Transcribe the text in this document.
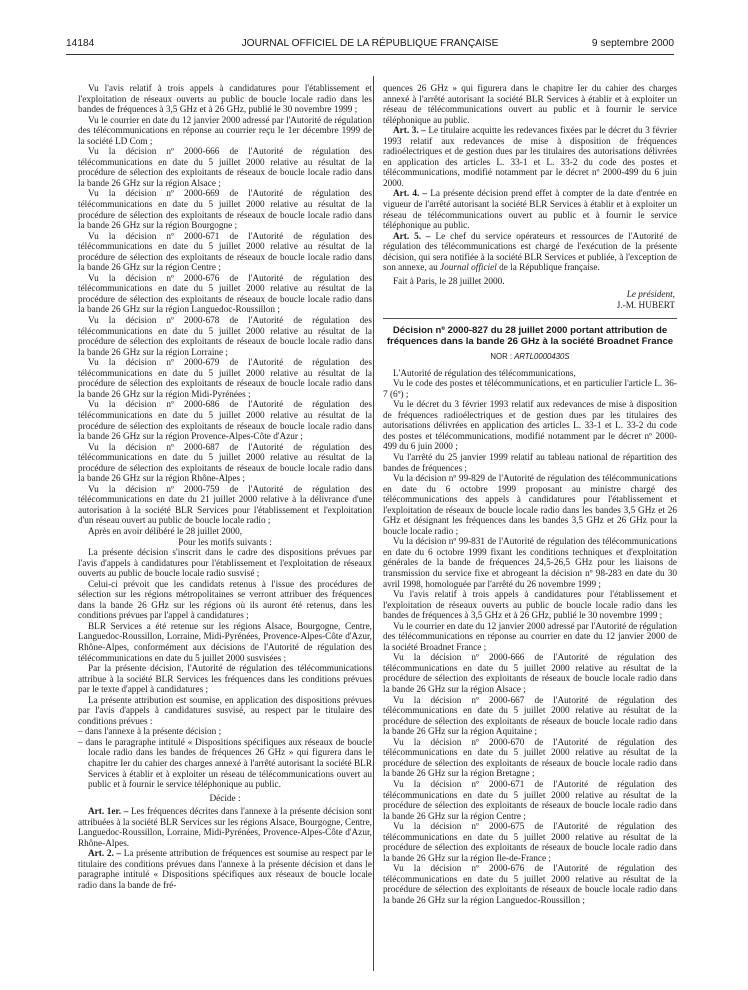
14184	JOURNAL OFFICIEL DE LA RÉPUBLIQUE FRANÇAISE	9 septembre 2000

Vu l'avis relatif à trois appels à candidatures pour l'établissement et l'exploitation de réseaux ouverts au public de boucle locale radio dans les bandes de fréquences à 3,5 GHz et à 26 GHz, publié le 30 novembre 1999 ;

Vu le courrier en date du 12 janvier 2000 adressé par l'Autorité de régulation des télécommunications en réponse au courrier reçu le 1er décembre 1999 de la société LD Com ;

Vu la décision nº 2000-666 de l'Autorité de régulation des télécommunications en date du 5 juillet 2000 relative au résultat de la procédure de sélection des exploitants de réseaux de boucle locale radio dans la bande 26 GHz sur la région Alsace ;

Vu la décision nº 2000-669 de l'Autorité de régulation des télécommunications en date du 5 juillet 2000 relative au résultat de la procédure de sélection des exploitants de réseaux de boucle locale radio dans la bande 26 GHz sur la région Bourgogne ;

Vu la décision nº 2000-671 de l'Autorité de régulation des télécommunications en date du 5 juillet 2000 relative au résultat de la procédure de sélection des exploitants de réseaux de boucle locale radio dans la bande 26 GHz sur la région Centre ;

Vu la décision nº 2000-676 de l'Autorité de régulation des télécommunications en date du 5 juillet 2000 relative au résultat de la procédure de sélection des exploitants de réseaux de boucle locale radio dans la bande 26 GHz sur la région Languedoc-Roussillon ;

Vu la décision nº 2000-678 de l'Autorité de régulation des télécommunications en date du 5 juillet 2000 relative au résultat de la procédure de sélection des exploitants de réseaux de boucle locale radio dans la bande 26 GHz sur la région Lorraine ;

Vu la décision nº 2000-679 de l'Autorité de régulation des télécommunications en date du 5 juillet 2000 relative au résultat de la procédure de sélection des exploitants de réseaux de boucle locale radio dans la bande 26 GHz sur la région Midi-Pyrénées ;

Vu la décision nº 2000-686 de l'Autorité de régulation des télécommunications en date du 5 juillet 2000 relative au résultat de la procédure de sélection des exploitants de réseaux de boucle locale radio dans la bande 26 GHz sur la région Provence-Alpes-Côte d'Azur ;

Vu la décision nº 2000-687 de l'Autorité de régulation des télécommunications en date du 5 juillet 2000 relative au résultat de la procédure de sélection des exploitants de réseaux de boucle locale radio dans la bande 26 GHz sur la région Rhône-Alpes ;

Vu la décision nº 2000-759 de l'Autorité de régulation des télécommunications en date du 21 juillet 2000 relative à la délivrance d'une autorisation à la société BLR Services pour l'établissement et l'exploitation d'un réseau ouvert au public de boucle locale radio ;

Après en avoir délibéré le 28 juillet 2000,

Pour les motifs suivants :

La présente décision s'inscrit dans le cadre des dispositions prévues par l'avis d'appels à candidatures pour l'établissement et l'exploitation de réseaux ouverts au public de boucle locale radio susvisé ;

Celui-ci prévoit que les candidats retenus à l'issue des procédures de sélection sur les régions métropolitaines se verront attribuer des fréquences dans la bande 26 GHz sur les régions où ils auront été retenus, dans les conditions prévues par l'appel à candidatures ;

BLR Services a été retenue sur les régions Alsace, Bourgogne, Centre, Languedoc-Roussillon, Lorraine, Midi-Pyrénées, Provence-Alpes-Côte d'Azur, Rhône-Alpes, conformément aux décisions de l'Autorité de régulation des télécommunications en date du 5 juillet 2000 susvisées ;

Par la présente décision, l'Autorité de régulation des télécommunications attribue à la société BLR Services les fréquences dans les conditions prévues par le texte d'appel à candidatures ;

La présente attribution est soumise, en application des dispositions prévues par l'avis d'appels à candidatures susvisé, au respect par le titulaire des conditions prévues :

– dans l'annexe à la présente décision ;

– dans le paragraphe intitulé « Dispositions spécifiques aux réseaux de boucle locale radio dans les bandes de fréquences 26 GHz » qui figurera dans le chapitre Ier du cahier des charges annexé à l'arrêté autorisant la société BLR Services à établir et à exploiter un réseau de télécommunications ouvert au public et à fournir le service téléphonique au public.

Décide :

Art. 1er. – Les fréquences décrites dans l'annexe à la présente décision sont attribuées à la société BLR Services sur les régions Alsace, Bourgogne, Centre, Languedoc-Roussillon, Lorraine, Midi-Pyrénées, Provence-Alpes-Côte d'Azur, Rhône-Alpes.

Art. 2. – La présente attribution de fréquences est soumise au respect par le titulaire des conditions prévues dans l'annexe à la présente décision et dans le paragraphe intitulé « Dispositions spécifiques aux réseaux de boucle locale radio dans la bande de fré-

quences 26 GHz » qui figurera dans le chapitre Ier du cahier des charges annexé à l'arrêté autorisant la société BLR Services à établir et à exploiter un réseau de télécommunications ouvert au public et à fournir le service téléphonique au public.

Art. 3. – Le titulaire acquitte les redevances fixées par le décret du 3 février 1993 relatif aux redevances de mise à disposition de fréquences radioélectriques et de gestion dues par les titulaires des autorisations délivrées en application des articles L. 33-1 et L. 33-2 du code des postes et télécommunications, modifié notamment par le décret nº 2000-499 du 6 juin 2000.

Art. 4. – La présente décision prend effet à compter de la date d'entrée en vigueur de l'arrêté autorisant la société BLR Services à établir et à exploiter un réseau de télécommunications ouvert au public et à fournir le service téléphonique au public.

Art. 5. – Le chef du service opérateurs et ressources de l'Autorité de régulation des télécommunications est chargé de l'exécution de la présente décision, qui sera notifiée à la société BLR Services et publiée, à l'exception de son annexe, au Journal officiel de la République française.

Fait à Paris, le 28 juillet 2000.

Le président,

J.-M. HUBERT

Décision nº 2000-827 du 28 juillet 2000 portant attribution de fréquences dans la bande 26 GHz à la société Broadnet France

NOR : ARTL0000430S

L'Autorité de régulation des télécommunications,

Vu le code des postes et télécommunications, et en particulier l'article L. 36-7 (6º) ;

Vu le décret du 3 février 1993 relatif aux redevances de mise à disposition de fréquences radioélectriques et de gestion dues par les titulaires des autorisations délivrées en application des articles L. 33-1 et L. 33-2 du code des postes et télécommunications, modifié notamment par le décret nº 2000-499 du 6 juin 2000 ;

Vu l'arrêté du 25 janvier 1999 relatif au tableau national de répartition des bandes de fréquences ;

Vu la décision nº 99-829 de l'Autorité de régulation des télécommunications en date du 6 octobre 1999 proposant au ministre chargé des télécommunications des appels à candidatures pour l'établissement et l'exploitation de réseaux de boucle locale radio dans les bandes 3,5 GHz et 26 GHz et désignant les fréquences dans les bandes 3,5 GHz et 26 GHz pour la boucle locale radio ;

Vu la décision nº 99-831 de l'Autorité de régulation des télécommunications en date du 6 octobre 1999 fixant les conditions techniques et d'exploitation générales de la bande de fréquences 24,5-26,5 GHz pour les liaisons de transmission du service fixe et abrogeant la décision nº 98-283 en date du 30 avril 1998, homologuée par l'arrêté du 26 novembre 1999 ;

Vu l'avis relatif à trois appels à candidatures pour l'établissement et l'exploitation de réseaux ouverts au public de boucle locale radio dans les bandes de fréquences à 3,5 GHz et à 26 GHz, publié le 30 novembre 1999 ;

Vu le courrier en date du 12 janvier 2000 adressé par l'Autorité de régulation des télécommunications en réponse au courrier en date du 12 janvier 2000 de la société Broadnet France ;

Vu la décision nº 2000-666 de l'Autorité de régulation des télécommunications en date du 5 juillet 2000 relative au résultat de la procédure de sélection des exploitants de réseaux de boucle locale radio dans la bande 26 GHz sur la région Alsace ;

Vu la décision nº 2000-667 de l'Autorité de régulation des télécommunications en date du 5 juillet 2000 relative au résultat de la procédure de sélection des exploitants de réseaux de boucle locale radio dans la bande 26 GHz sur la région Aquitaine ;

Vu la décision nº 2000-670 de l'Autorité de régulation des télécommunications en date du 5 juillet 2000 relative au résultat de la procédure de sélection des exploitants de réseaux de boucle locale radio dans la bande 26 GHz sur la région Bretagne ;

Vu la décision nº 2000-671 de l'Autorité de régulation des télécommunications en date du 5 juillet 2000 relative au résultat de la procédure de sélection des exploitants de réseaux de boucle locale radio dans la bande 26 GHz sur la région Centre ;

Vu la décision nº 2000-675 de l'Autorité de régulation des télécommunications en date du 5 juillet 2000 relative au résultat de la procédure de sélection des exploitants de réseaux de boucle locale radio dans la bande 26 GHz sur la région Ile-de-France ;

Vu la décision nº 2000-676 de l'Autorité de régulation des télécommunications en date du 5 juillet 2000 relative au résultat de la procédure de sélection des exploitants de réseaux de boucle locale radio dans la bande 26 GHz sur la région Languedoc-Roussillon ;
